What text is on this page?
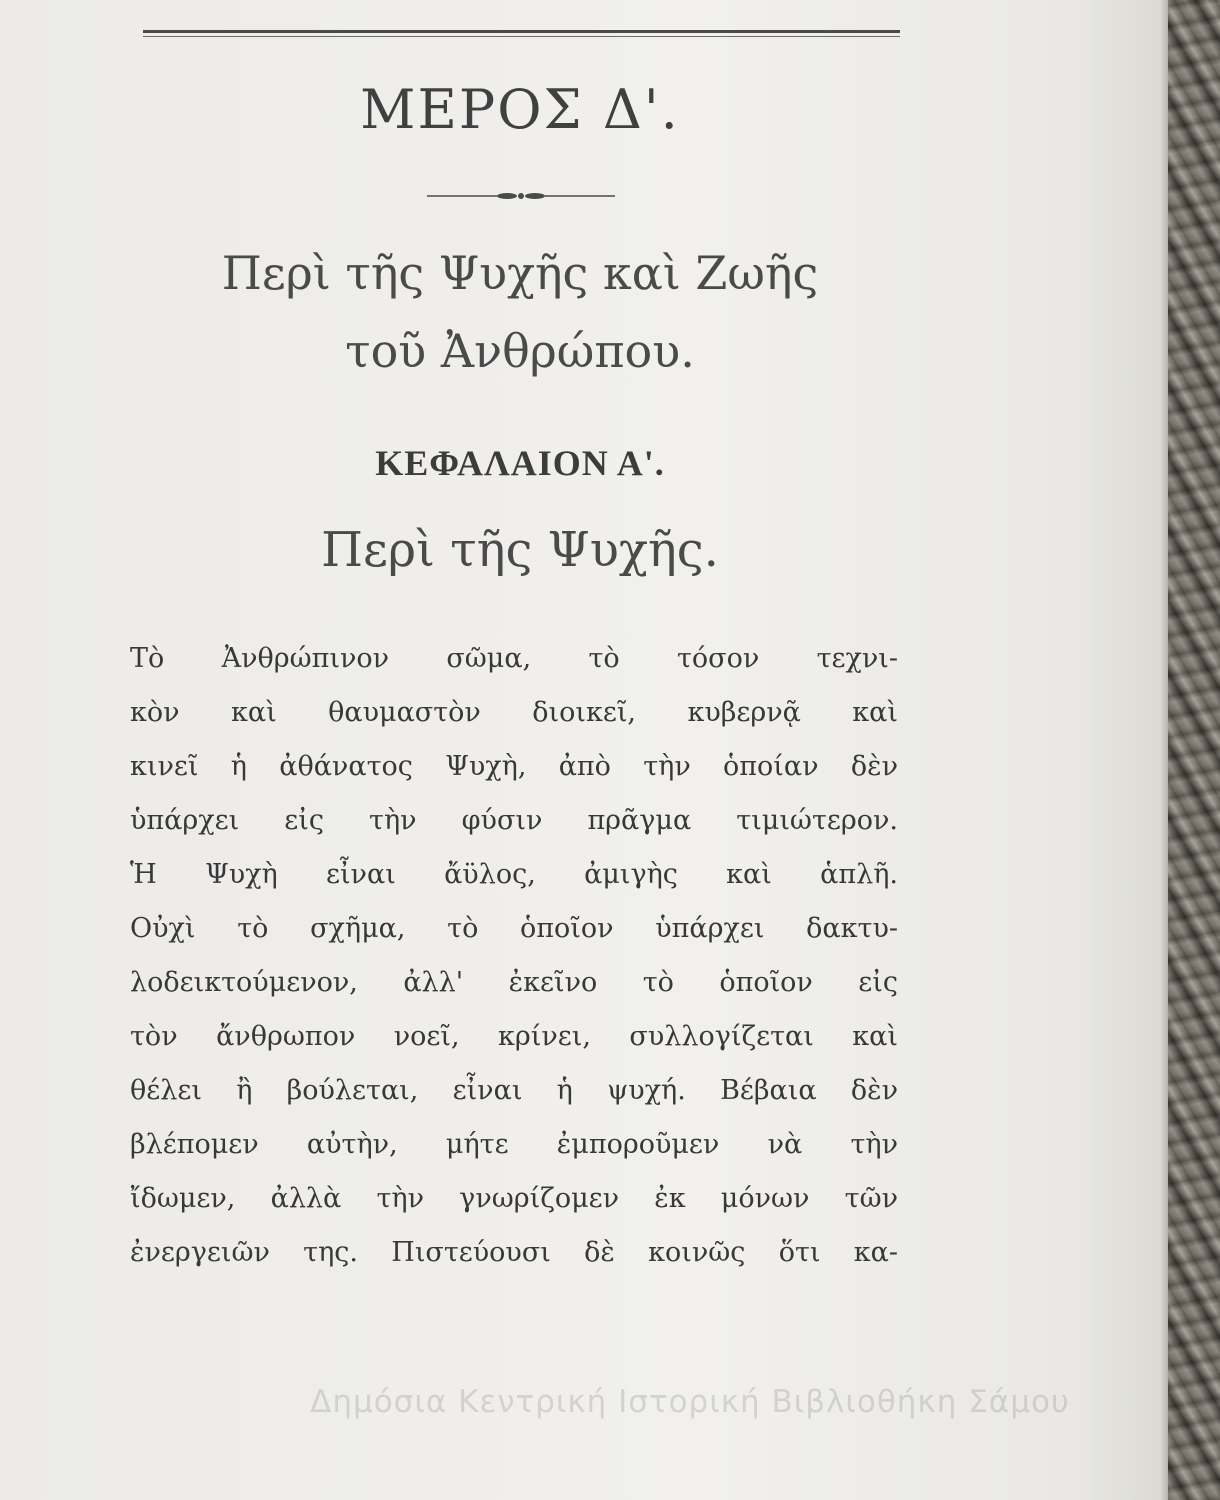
ΜΕΡΟΣ Δ'.
Περὶ τῆς Ψυχῆς καὶ Ζωῆς
τοῦ Ἀνθρώπου.
ΚΕΦΑΛΑΙΟΝ Α'.
Περὶ τῆς Ψυχῆς.
Τὸ Ἀνθρώπινον σῶμα, τὸ τόσον τεχνι-
κὸν καὶ θαυμαστὸν διοικεῖ, κυβερνᾷ καὶ
κινεῖ ἡ ἀθάνατος Ψυχὴ, ἀπὸ τὴν ὁποίαν δὲν
ὑπάρχει εἰς τὴν φύσιν πρᾶγμα τιμιώτερον.
Ἡ Ψυχὴ εἶναι ἄϋλος, ἀμιγὴς καὶ ἁπλῆ.
Οὐχὶ τὸ σχῆμα, τὸ ὁποῖον ὑπάρχει δακτυ-
λοδεικτούμενον, ἀλλ' ἐκεῖνο τὸ ὁποῖον εἰς
τὸν ἄνθρωπον νοεῖ, κρίνει, συλλογίζεται καὶ
θέλει ἢ βούλεται, εἶναι ἡ ψυχή. Βέβαια δὲν
βλέπομεν αὐτὴν, μήτε ἐμποροῦμεν νὰ τὴν
ἴδωμεν, ἀλλὰ τὴν γνωρίζομεν ἐκ μόνων τῶν
ἐνεργειῶν της. Πιστεύουσι δὲ κοινῶς ὅτι κα-
Δημόσια Κεντρική Ιστορική Βιβλιοθήκη Σάμου
